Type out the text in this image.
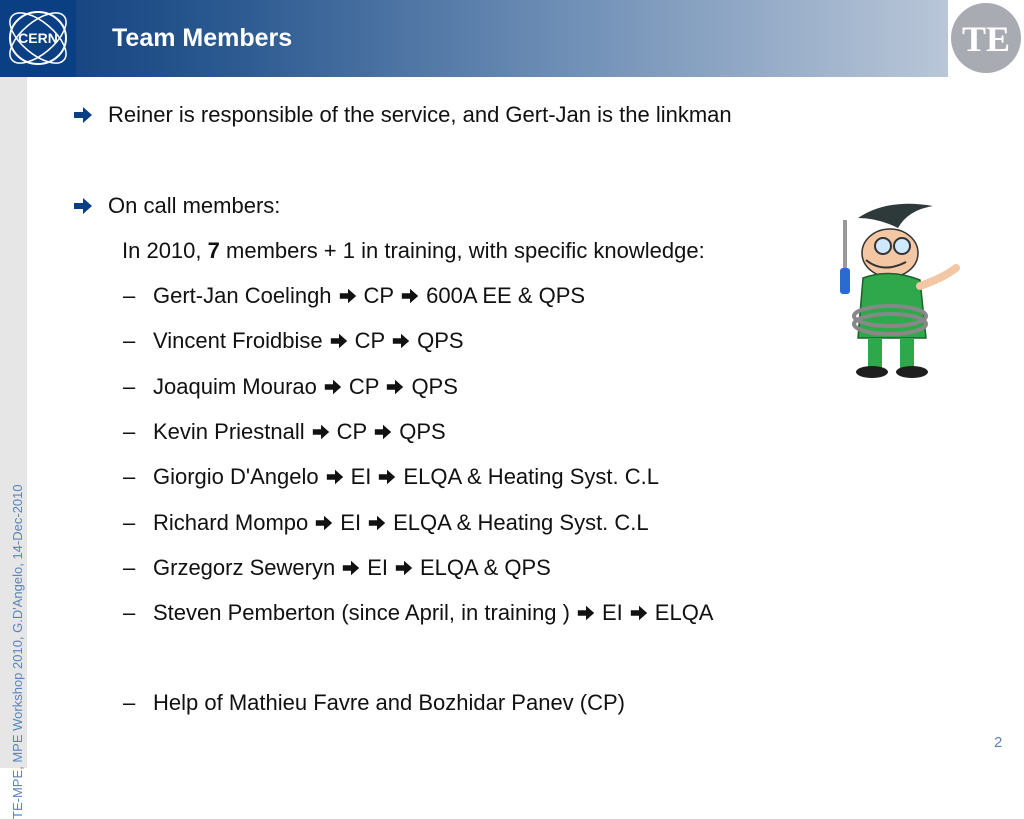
Team Members
CERN	TE
TE-MPE, MPE Workshop 2010, G.D'Angelo, 14-Dec-2010
Reiner is responsible of the service, and Gert-Jan is the linkman
On call members:
In 2010, 7 members + 1 in training, with specific knowledge:
– Gert-Jan Coelingh CP 600A EE & QPS
– Vincent Froidbise CP QPS
– Joaquim Mourao CP QPS
– Kevin Priestnall CP QPS
– Giorgio D'Angelo EI ELQA & Heating Syst. C.L
– Richard Mompo EI ELQA & Heating Syst. C.L
– Grzegorz Seweryn EI ELQA & QPS
– Steven Pemberton (since April, in training ) EI ELQA
– Help of Mathieu Favre and Bozhidar Panev (CP)
2
